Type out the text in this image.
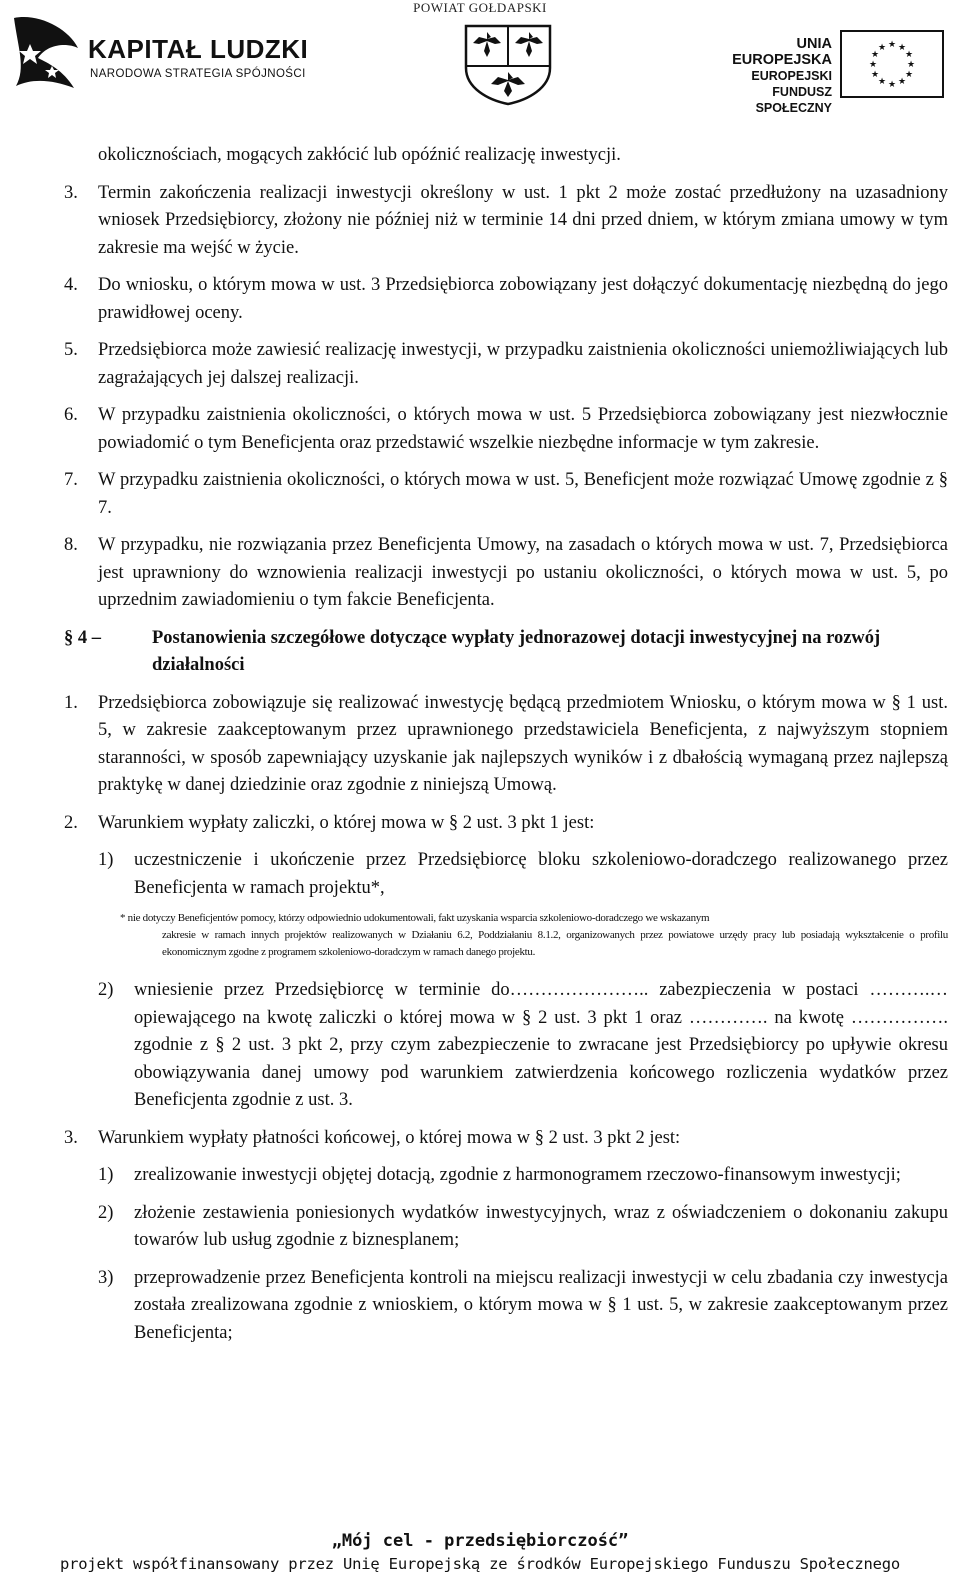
POWIAT GOŁDAPSKI
KAPITAŁ LUDZKI
NARODOWA STRATEGIA SPÓJNOŚCI
UNIA EUROPEJSKA
EUROPEJSKI
FUNDUSZ SPOŁECZNY
★ ★
★
★
★
★
★
★
★
★
★
★

okolicznościach, mogących zakłócić lub opóźnić realizację inwestycji.

3.	Termin zakończenia realizacji inwestycji określony w ust. 1 pkt 2 może zostać przedłużony na uzasadniony wniosek Przedsiębiorcy, złożony nie później niż w terminie 14 dni przed dniem, w którym zmiana umowy w tym zakresie ma wejść w życie.
4.	Do wniosku, o którym mowa w ust. 3 Przedsiębiorca zobowiązany jest dołączyć dokumentację niezbędną do jego prawidłowej oceny.
5.	Przedsiębiorca może zawiesić realizację inwestycji, w przypadku zaistnienia okoliczności uniemożliwiających lub zagrażających jej dalszej realizacji.
6.	W przypadku zaistnienia okoliczności, o których mowa w ust. 5 Przedsiębiorca zobowiązany jest niezwłocznie powiadomić o tym Beneficjenta oraz przedstawić wszelkie niezbędne informacje w tym zakresie.
7.	W przypadku zaistnienia okoliczności, o których mowa w ust. 5, Beneficjent może rozwiązać Umowę zgodnie z § 7.
8.	W przypadku, nie rozwiązania przez Beneficjenta Umowy, na zasadach o których mowa w ust. 7, Przedsiębiorca jest uprawniony do wznowienia realizacji inwestycji po ustaniu okoliczności, o których mowa w ust. 5, po uprzednim zawiadomieniu o tym fakcie Beneficjenta.
§ 4 –	Postanowienia szczegółowe dotyczące wypłaty jednorazowej dotacji inwestycyjnej na rozwój działalności
1.	Przedsiębiorca zobowiązuje się realizować inwestycję będącą przedmiotem Wniosku, o którym mowa w § 1 ust. 5, w zakresie zaakceptowanym przez uprawnionego przedstawiciela Beneficjenta, z najwyższym stopniem staranności, w sposób zapewniający uzyskanie jak najlepszych wyników i z dbałością wymaganą przez najlepszą praktykę w danej dziedzinie oraz zgodnie z niniejszą Umową.
2.	Warunkiem wypłaty zaliczki, o której mowa w § 2 ust. 3 pkt 1 jest:
1)	uczestniczenie i ukończenie przez Przedsiębiorcę bloku szkoleniowo-doradczego realizowanego przez Beneficjenta w ramach projektu*,
* nie dotyczy Beneficjentów pomocy, którzy odpowiednio udokumentowali, fakt uzyskania wsparcia szkoleniowo-doradczego we wskazanym
zakresie w ramach innych projektów realizowanych w Działaniu 6.2, Poddziałaniu 8.1.2, organizowanych przez powiatowe urzędy pracy lub posiadają wykształcenie o profilu ekonomicznym zgodne z programem szkoleniowo-doradczym w ramach danego projektu.
2)	wniesienie przez Przedsiębiorcę w terminie do………………….. zabezpieczenia w postaci ……….… opiewającego na kwotę zaliczki o której mowa w § 2 ust. 3 pkt 1 oraz …………. na kwotę ……………. zgodnie z § 2 ust. 3 pkt 2, przy czym zabezpieczenie to zwracane jest Przedsiębiorcy po upływie okresu obowiązywania danej umowy pod warunkiem zatwierdzenia końcowego rozliczenia wydatków przez Beneficjenta zgodnie z ust. 3.
3.	Warunkiem wypłaty płatności końcowej, o której mowa w § 2 ust. 3 pkt 2 jest:
1)	zrealizowanie inwestycji objętej dotacją, zgodnie z harmonogramem rzeczowo-finansowym inwestycji;
2)	złożenie zestawienia poniesionych wydatków inwestycyjnych, wraz z oświadczeniem o dokonaniu zakupu towarów lub usług zgodnie z biznesplanem;
3)	przeprowadzenie przez Beneficjenta kontroli na miejscu realizacji inwestycji w celu zbadania czy inwestycja została zrealizowana zgodnie z wnioskiem, o którym mowa w § 1 ust. 5, w zakresie zaakceptowanym przez Beneficjenta;
„Mój cel - przedsiębiorczość”
projekt współfinansowany przez Unię Europejską ze środków Europejskiego Funduszu Społecznego
